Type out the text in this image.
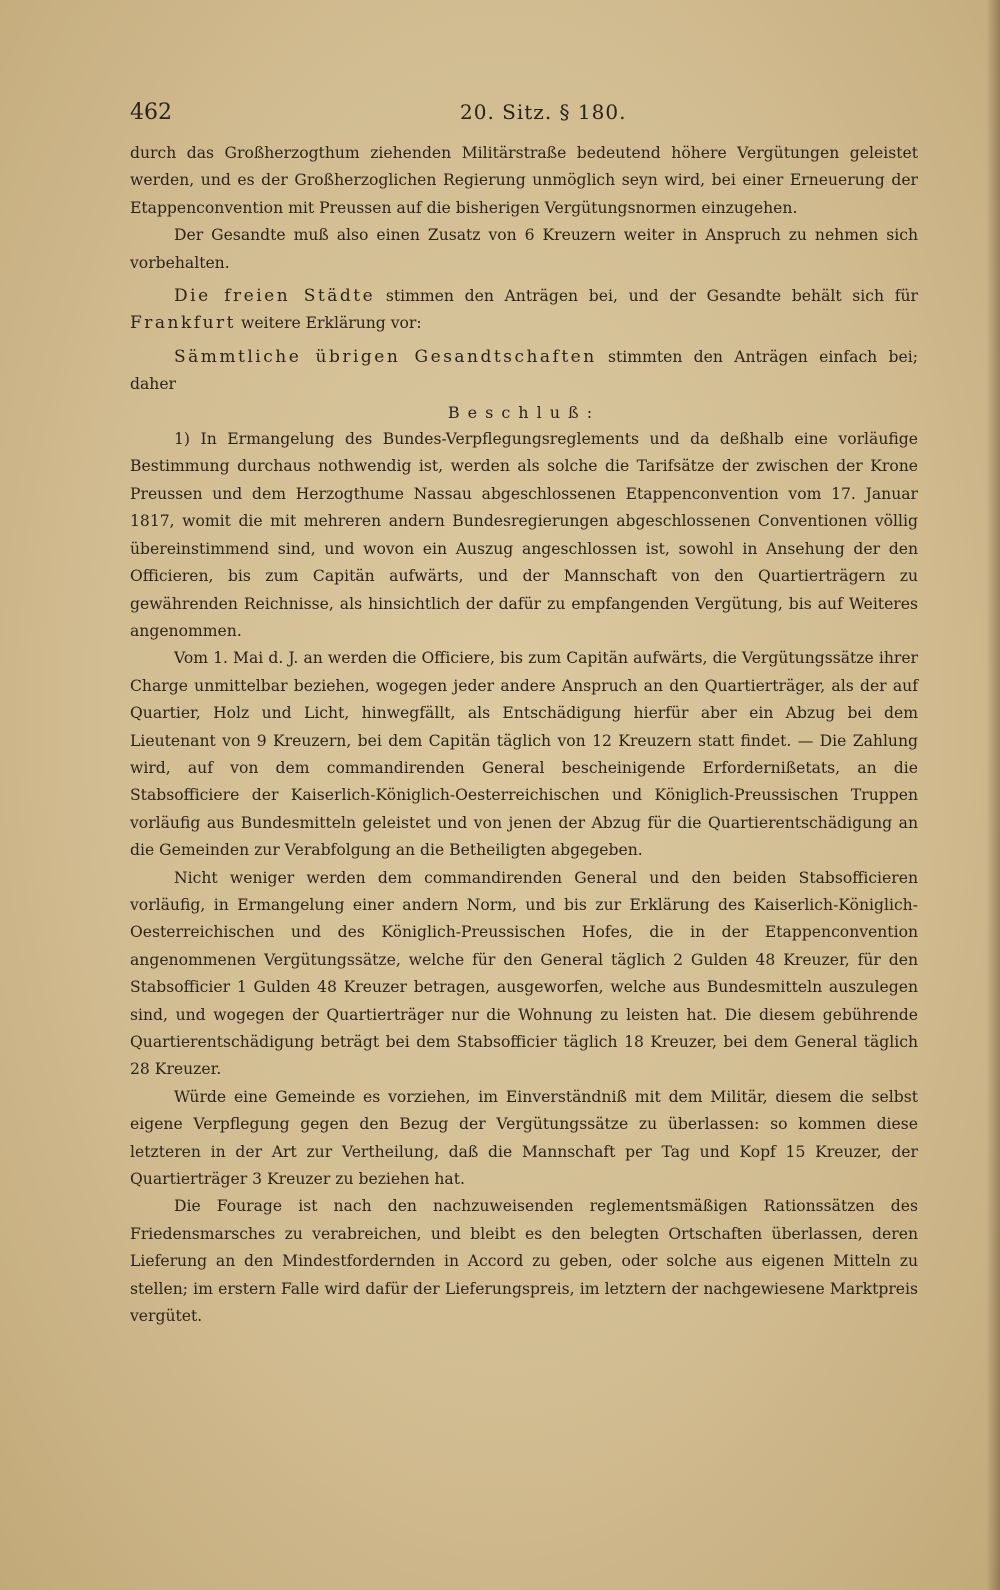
462	20. Sitz. § 180.

durch das Großherzogthum ziehenden Militärstraße bedeutend höhere Vergütungen geleistet werden, und es der Großherzoglichen Regierung unmöglich seyn wird, bei einer Erneuerung der Etappenconvention mit Preussen auf die bisherigen Vergütungsnormen einzugehen.

Der Gesandte muß also einen Zusatz von 6 Kreuzern weiter in Anspruch zu nehmen sich vorbehalten.

Die freien Städte stimmen den Anträgen bei, und der Gesandte behält sich für Frankfurt weitere Erklärung vor:

Sämmtliche übrigen Gesandtschaften stimmten den Anträgen einfach bei; daher

Beschluß:

1) In Ermangelung des Bundes-Verpflegungsreglements und da deßhalb eine vorläufige Bestimmung durchaus nothwendig ist, werden als solche die Tarifsätze der zwischen der Krone Preussen und dem Herzogthume Nassau abgeschlossenen Etappenconvention vom 17. Januar 1817, womit die mit mehreren andern Bundesregierungen abgeschlossenen Conventionen völlig übereinstimmend sind, und wovon ein Auszug angeschlossen ist, sowohl in Ansehung der den Officieren, bis zum Capitän aufwärts, und der Mannschaft von den Quartierträgern zu gewährenden Reichnisse, als hinsichtlich der dafür zu empfangenden Vergütung, bis auf Weiteres angenommen.

Vom 1. Mai d. J. an werden die Officiere, bis zum Capitän aufwärts, die Vergütungssätze ihrer Charge unmittelbar beziehen, wogegen jeder andere Anspruch an den Quartierträger, als der auf Quartier, Holz und Licht, hinwegfällt, als Entschädigung hierfür aber ein Abzug bei dem Lieutenant von 9 Kreuzern, bei dem Capitän täglich von 12 Kreuzern statt findet. — Die Zahlung wird, auf von dem commandirenden General bescheinigende Erfordernißetats, an die Stabsofficiere der Kaiserlich-Königlich-Oesterreichischen und Königlich-Preussischen Truppen vorläufig aus Bundesmitteln geleistet und von jenen der Abzug für die Quartierentschädigung an die Gemeinden zur Verabfolgung an die Betheiligten abgegeben.

Nicht weniger werden dem commandirenden General und den beiden Stabsofficieren vorläufig, in Ermangelung einer andern Norm, und bis zur Erklärung des Kaiserlich-Königlich-Oesterreichischen und des Königlich-Preussischen Hofes, die in der Etappenconvention angenommenen Vergütungssätze, welche für den General täglich 2 Gulden 48 Kreuzer, für den Stabsofficier 1 Gulden 48 Kreuzer betragen, ausgeworfen, welche aus Bundesmitteln auszulegen sind, und wogegen der Quartierträger nur die Wohnung zu leisten hat. Die diesem gebührende Quartierentschädigung beträgt bei dem Stabsofficier täglich 18 Kreuzer, bei dem General täglich 28 Kreuzer.

Würde eine Gemeinde es vorziehen, im Einverständniß mit dem Militär, diesem die selbst eigene Verpflegung gegen den Bezug der Vergütungssätze zu überlassen: so kommen diese letzteren in der Art zur Vertheilung, daß die Mannschaft per Tag und Kopf 15 Kreuzer, der Quartierträger 3 Kreuzer zu beziehen hat.

Die Fourage ist nach den nachzuweisenden reglementsmäßigen Rationssätzen des Friedensmarsches zu verabreichen, und bleibt es den belegten Ortschaften überlassen, deren Lieferung an den Mindestfordernden in Accord zu geben, oder solche aus eigenen Mitteln zu stellen; im erstern Falle wird dafür der Lieferungspreis, im letztern der nachgewiesene Marktpreis vergütet.
